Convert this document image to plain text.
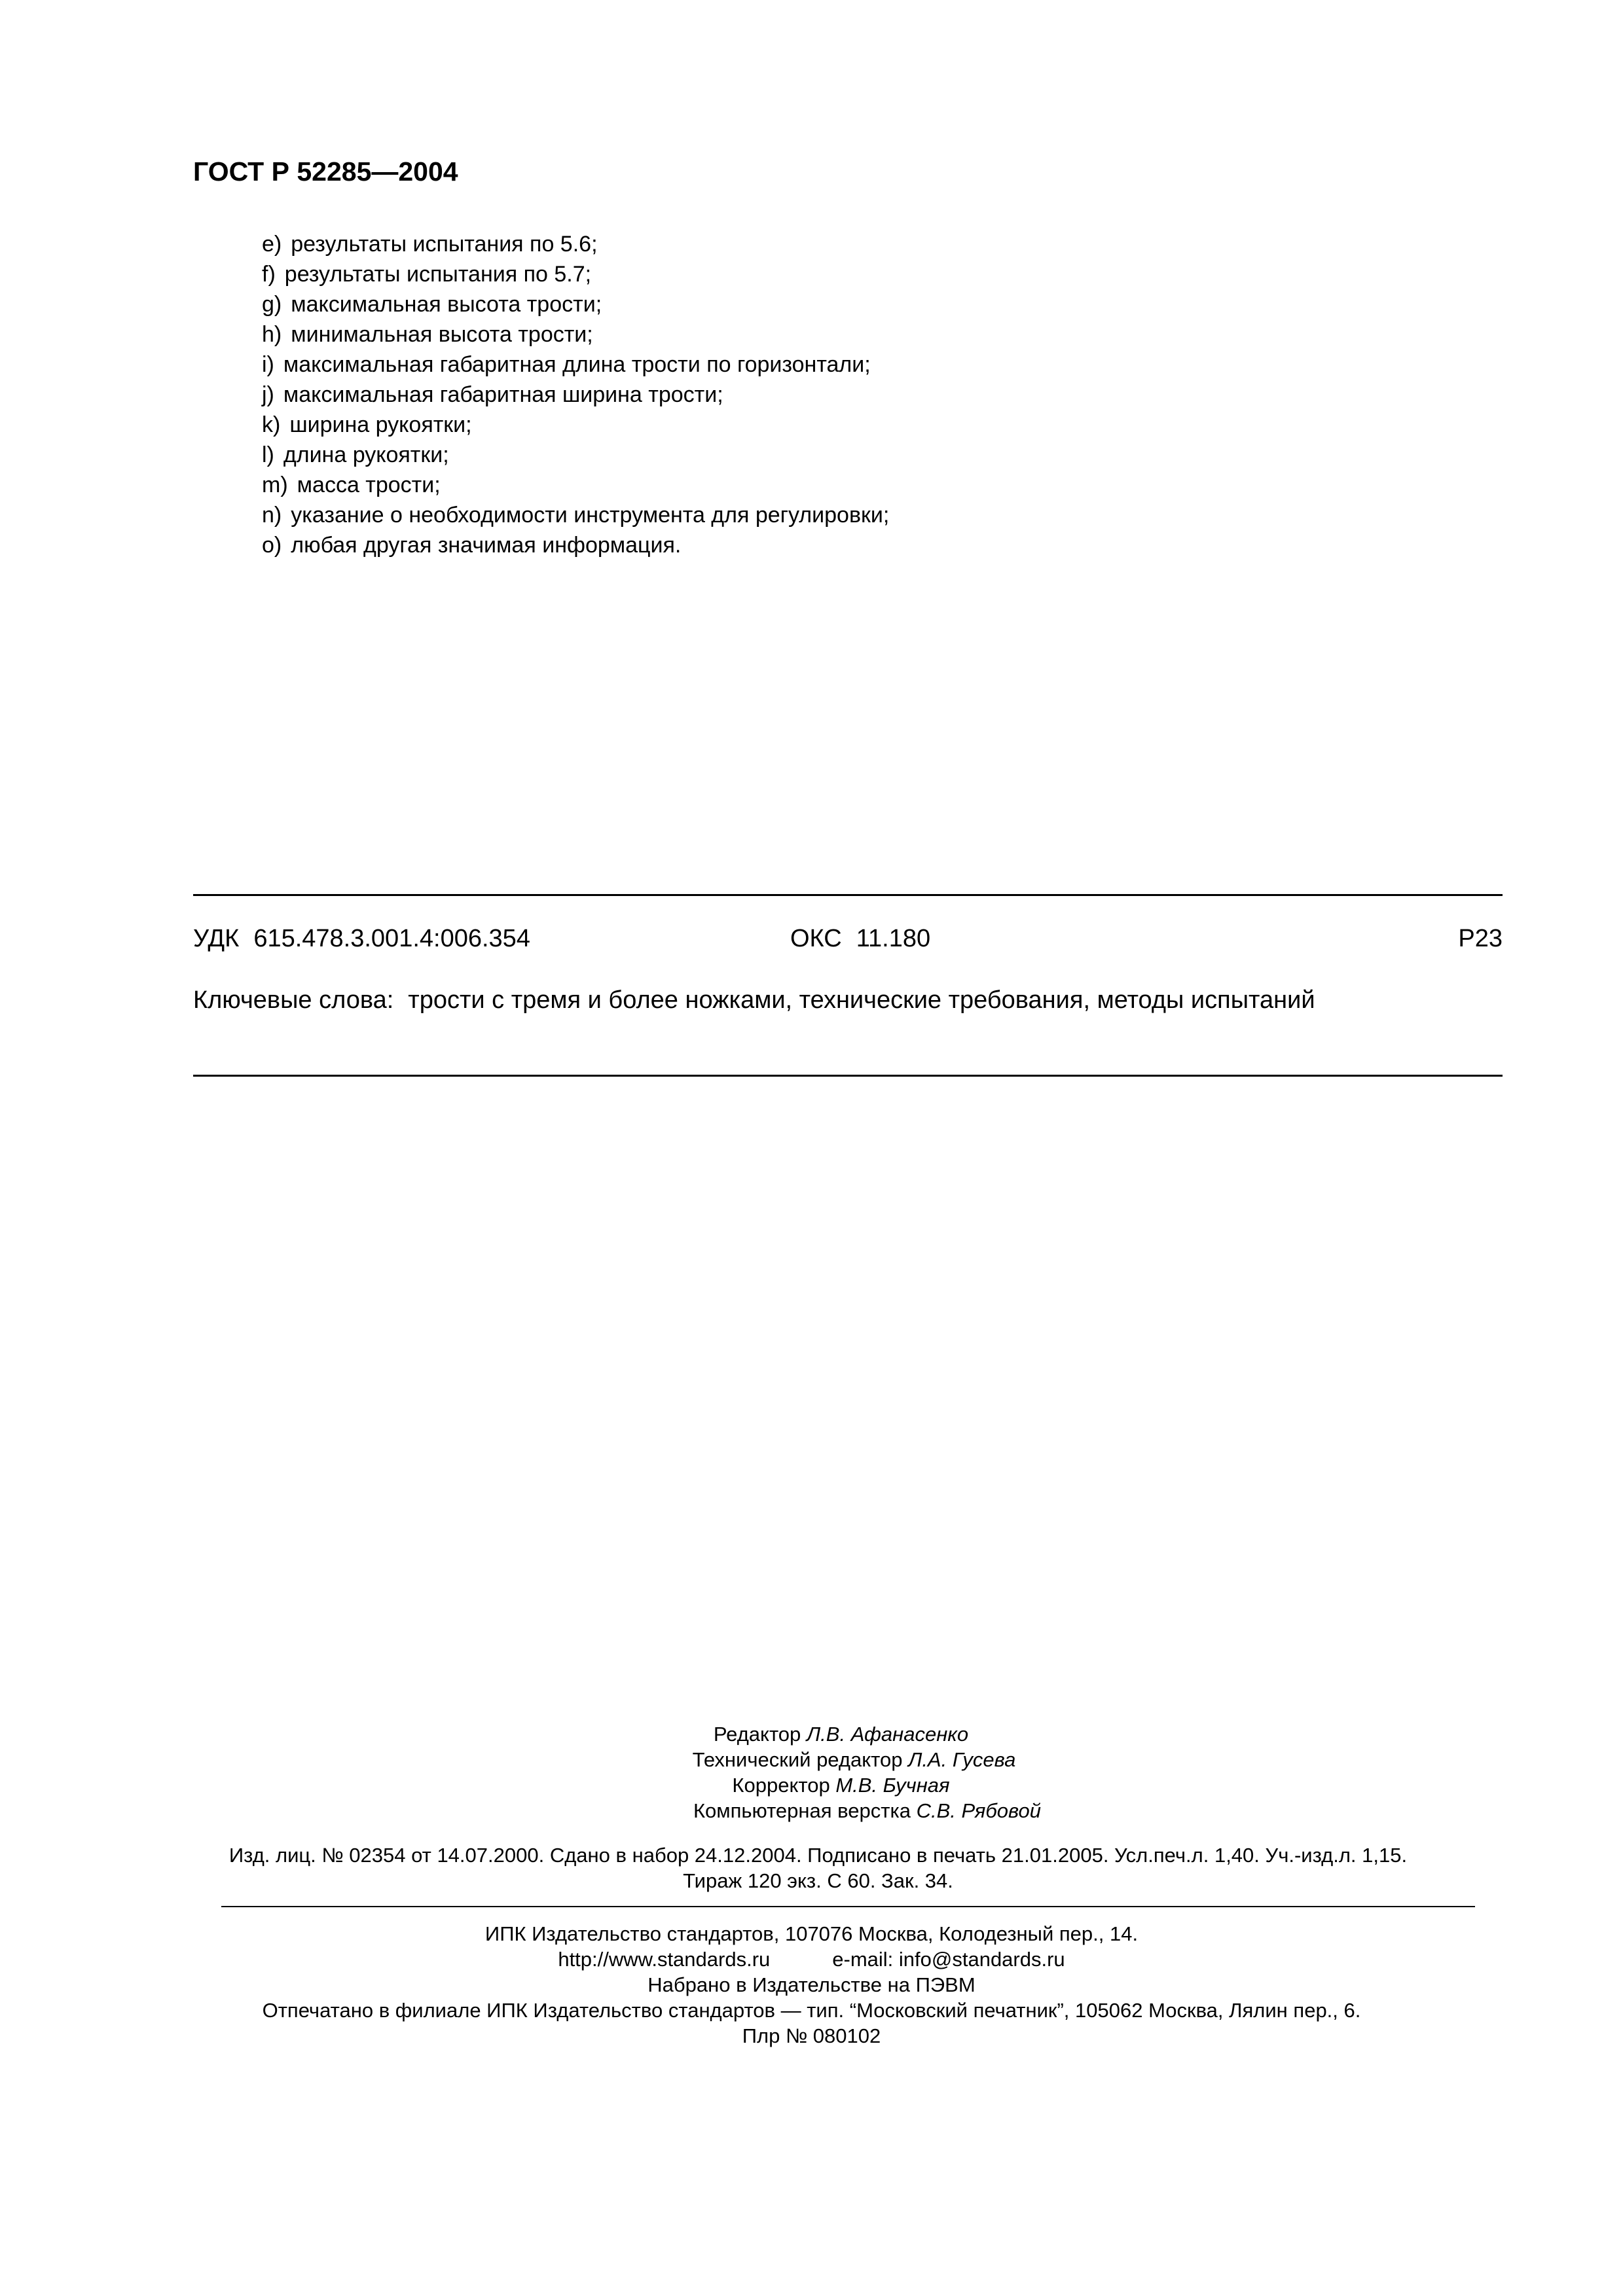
ГОСТ Р 52285—2004
e) результаты испытания по 5.6;
f) результаты испытания по 5.7;
g) максимальная высота трости;
h) минимальная высота трости;
i) максимальная габаритная длина трости по горизонтали;
j) максимальная габаритная ширина трости;
k) ширина рукоятки;
l) длина рукоятки;
m) масса трости;
n) указание о необходимости инструмента для регулировки;
o) любая другая значимая информация.
УДК 615.478.3.001.4:006.354	ОКС 11.180	Р23
Ключевые слова: трости с тремя и более ножками, технические требования, методы испытаний
Редактор Л.В. Афанасенко
Технический редактор Л.А. Гусева
Корректор М.В. Бучная
Компьютерная верстка С.В. Рябовой
Изд. лиц. № 02354 от 14.07.2000. Сдано в набор 24.12.2004. Подписано в печать 21.01.2005. Усл.печ.л. 1,40. Уч.-изд.л. 1,15.
Тираж 120 экз. С 60. Зак. 34.
ИПК Издательство стандартов, 107076 Москва, Колодезный пер., 14.
http://www.standards.ru	e-mail: info@standards.ru
Набрано в Издательстве на ПЭВМ
Отпечатано в филиале ИПК Издательство стандартов — тип. “Московский печатник”, 105062 Москва, Лялин пер., 6.
Плр № 080102
